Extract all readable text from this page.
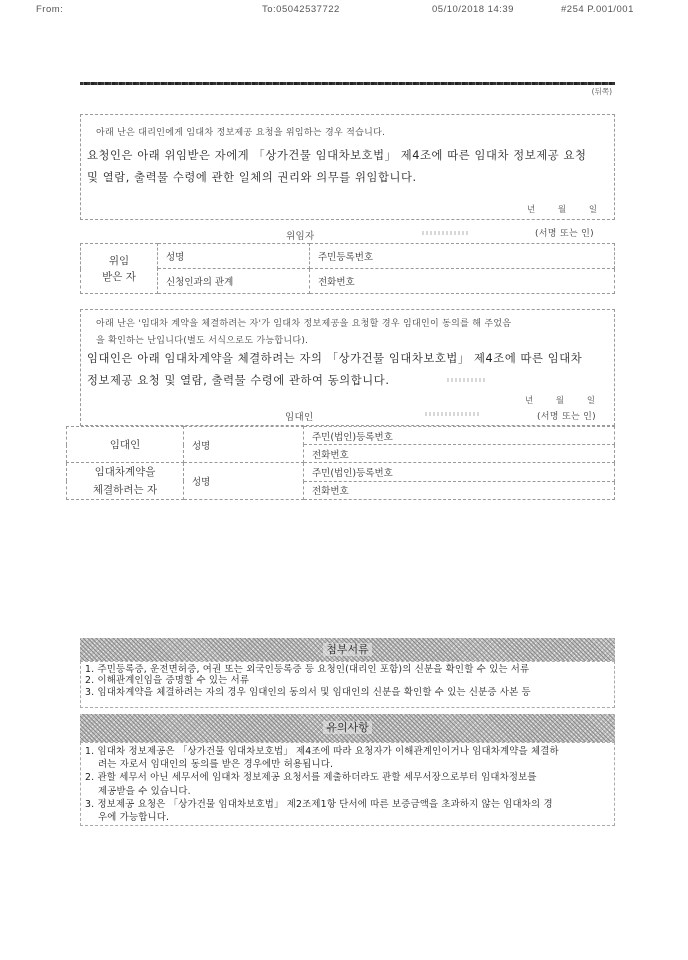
From:	To:05042537722	05/10/2018 14:39	#254 P.001/001
(뒤쪽)
아래 난은 대리인에게 임대차 정보제공 요청을 위임하는 경우 적습니다.
요청인은 아래 위임받은 자에게 「상가건물 임대차보호법」 제4조에 따른 임대차 정보제공 요청
및 열람, 출력물 수령에 관한 일체의 권리와 의무를 위임합니다.
년 월 일
위임자	(서명 또는 인)
위임
받은 자	성명	주민등록번호
	신청인과의 관계	전화번호
아래 난은 '임대차 계약을 체결하려는 자'가 임대차 정보제공을 요청할 경우 임대인이 동의를 해 주었음
을 확인하는 난입니다(별도 서식으로도 가능합니다).
임대인은 아래 임대차계약을 체결하려는 자의 「상가건물 임대차보호법」 제4조에 따른 임대차
정보제공 요청 및 열람, 출력물 수령에 관하여 동의합니다.
년 월 일
임대인	(서명 또는 인)
임대인	성명	주민(법인)등록번호
		전화번호

임대차계약을
체결하려는 자	성명	주민(법인)등록번호
		전화번호
첨부서류
1. 주민등록증, 운전면허증, 여권 또는 외국인등록증 등 요청인(대리인 포함)의 신분을 확인할 수 있는 서류
2. 이해관계인임을 증명할 수 있는 서류
3. 임대차계약을 체결하려는 자의 경우 임대인의 동의서 및 임대인의 신분을 확인할 수 있는 신분증 사본 등
유의사항
1. 임대차 정보제공은 「상가건물 임대차보호법」 제4조에 따라 요청자가 이해관계인이거나 임대차계약을 체결하
려는 자로서 임대인의 동의를 받은 경우에만 허용됩니다.
2. 관할 세무서 아닌 세무서에 임대차 정보제공 요청서를 제출하더라도 관할 세무서장으로부터 임대차정보를
제공받을 수 있습니다.
3. 정보제공 요청은 「상가건물 임대차보호법」 제2조제1항 단서에 따른 보증금액을 초과하지 않는 임대차의 경
우에 가능합니다.
